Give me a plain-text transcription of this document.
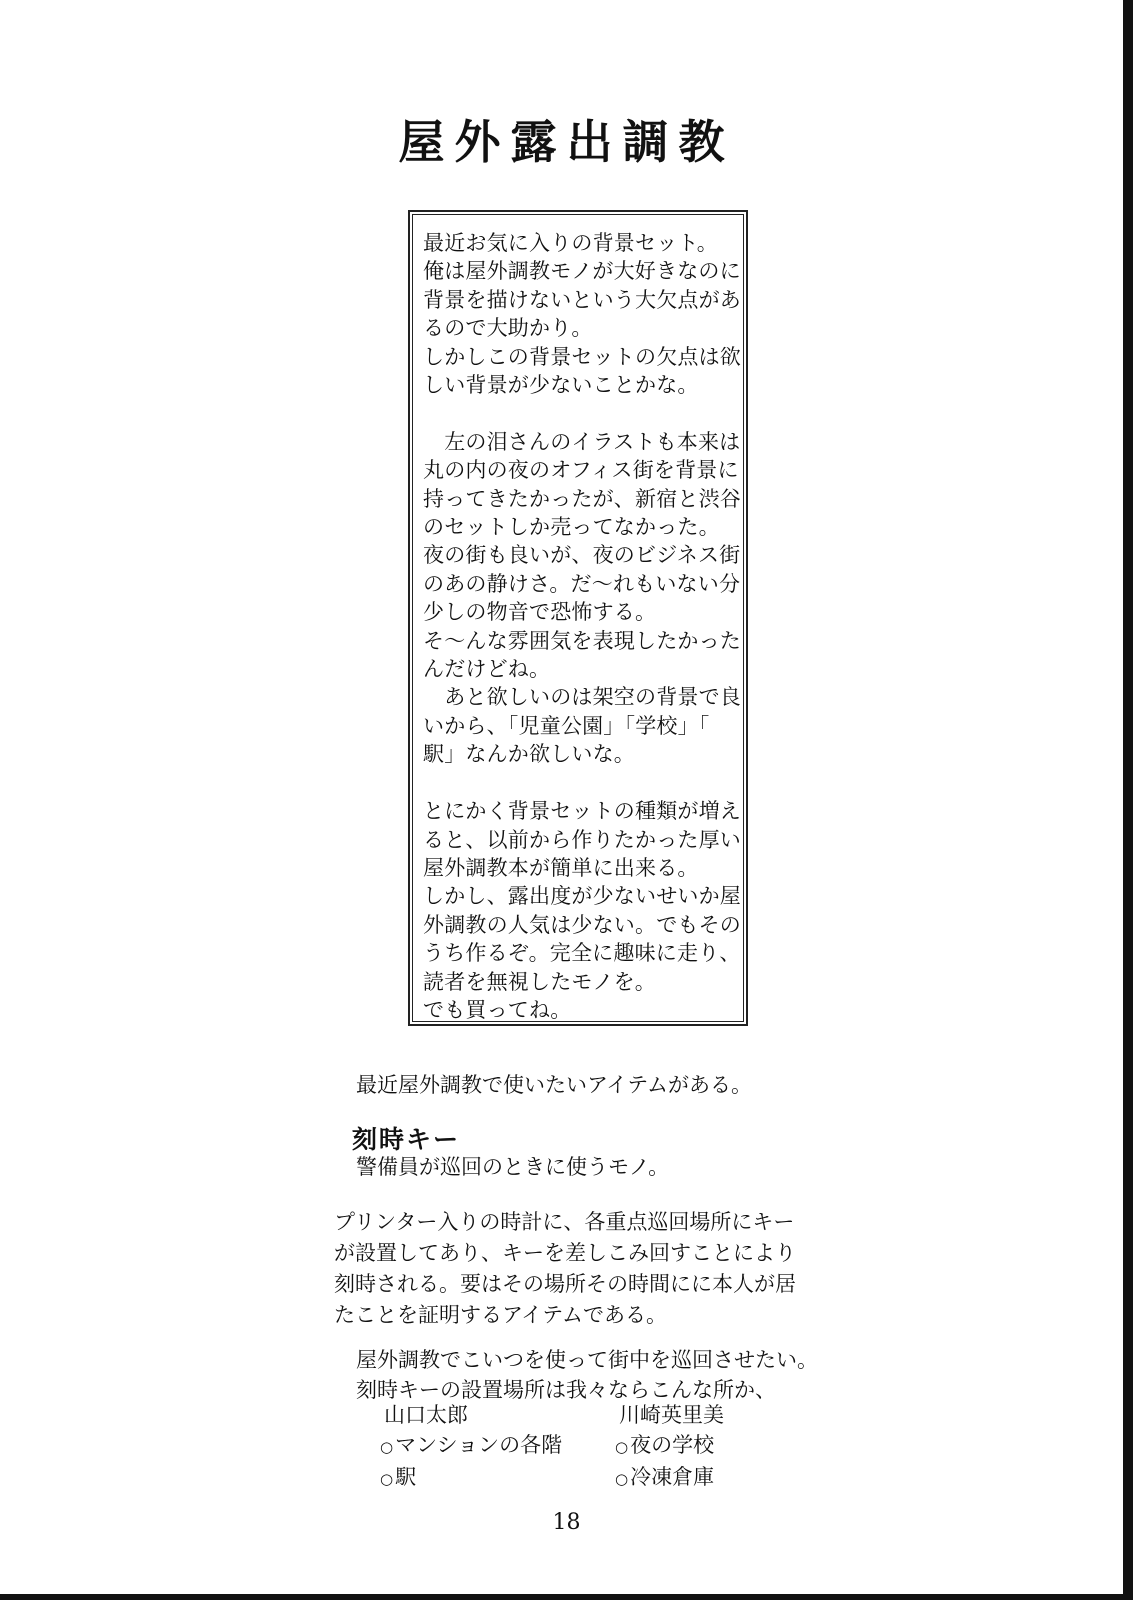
屋外露出調教

最近お気に入りの背景セット。

俺は屋外調教モノが大好きなのに

背景を描けないという大欠点があ

るので大助かり。

しかしこの背景セットの欠点は欲

しい背景が少ないことかな。

　左の泪さんのイラストも本来は

丸の内の夜のオフィス街を背景に

持ってきたかったが、新宿と渋谷

のセットしか売ってなかった。

夜の街も良いが、夜のビジネス街

のあの静けさ。だ〜れもいない分

少しの物音で恐怖する。

そ〜んな雰囲気を表現したかった

んだけどね。

　あと欲しいのは架空の背景で良

いから、「児童公園」「学校」「

駅」なんか欲しいな。

とにかく背景セットの種類が増え

ると、以前から作りたかった厚い

屋外調教本が簡単に出来る。

しかし、露出度が少ないせいか屋

外調教の人気は少ない。でもその

うち作るぞ。完全に趣味に走り、

読者を無視したモノを。

でも買ってね。

最近屋外調教で使いたいアイテムがある。
刻時キー
警備員が巡回のときに使うモノ。
プリンター入りの時計に、各重点巡回場所にキー
が設置してあり、キーを差しこみ回すことにより
刻時される。要はその場所その時間にに本人が居
たことを証明するアイテムである。
屋外調教でこいつを使って街中を巡回させたい。
刻時キーの設置場所は我々ならこんな所か、
山口太郎
○マンションの各階
○駅
川崎英里美
○夜の学校
○冷凍倉庫
18
